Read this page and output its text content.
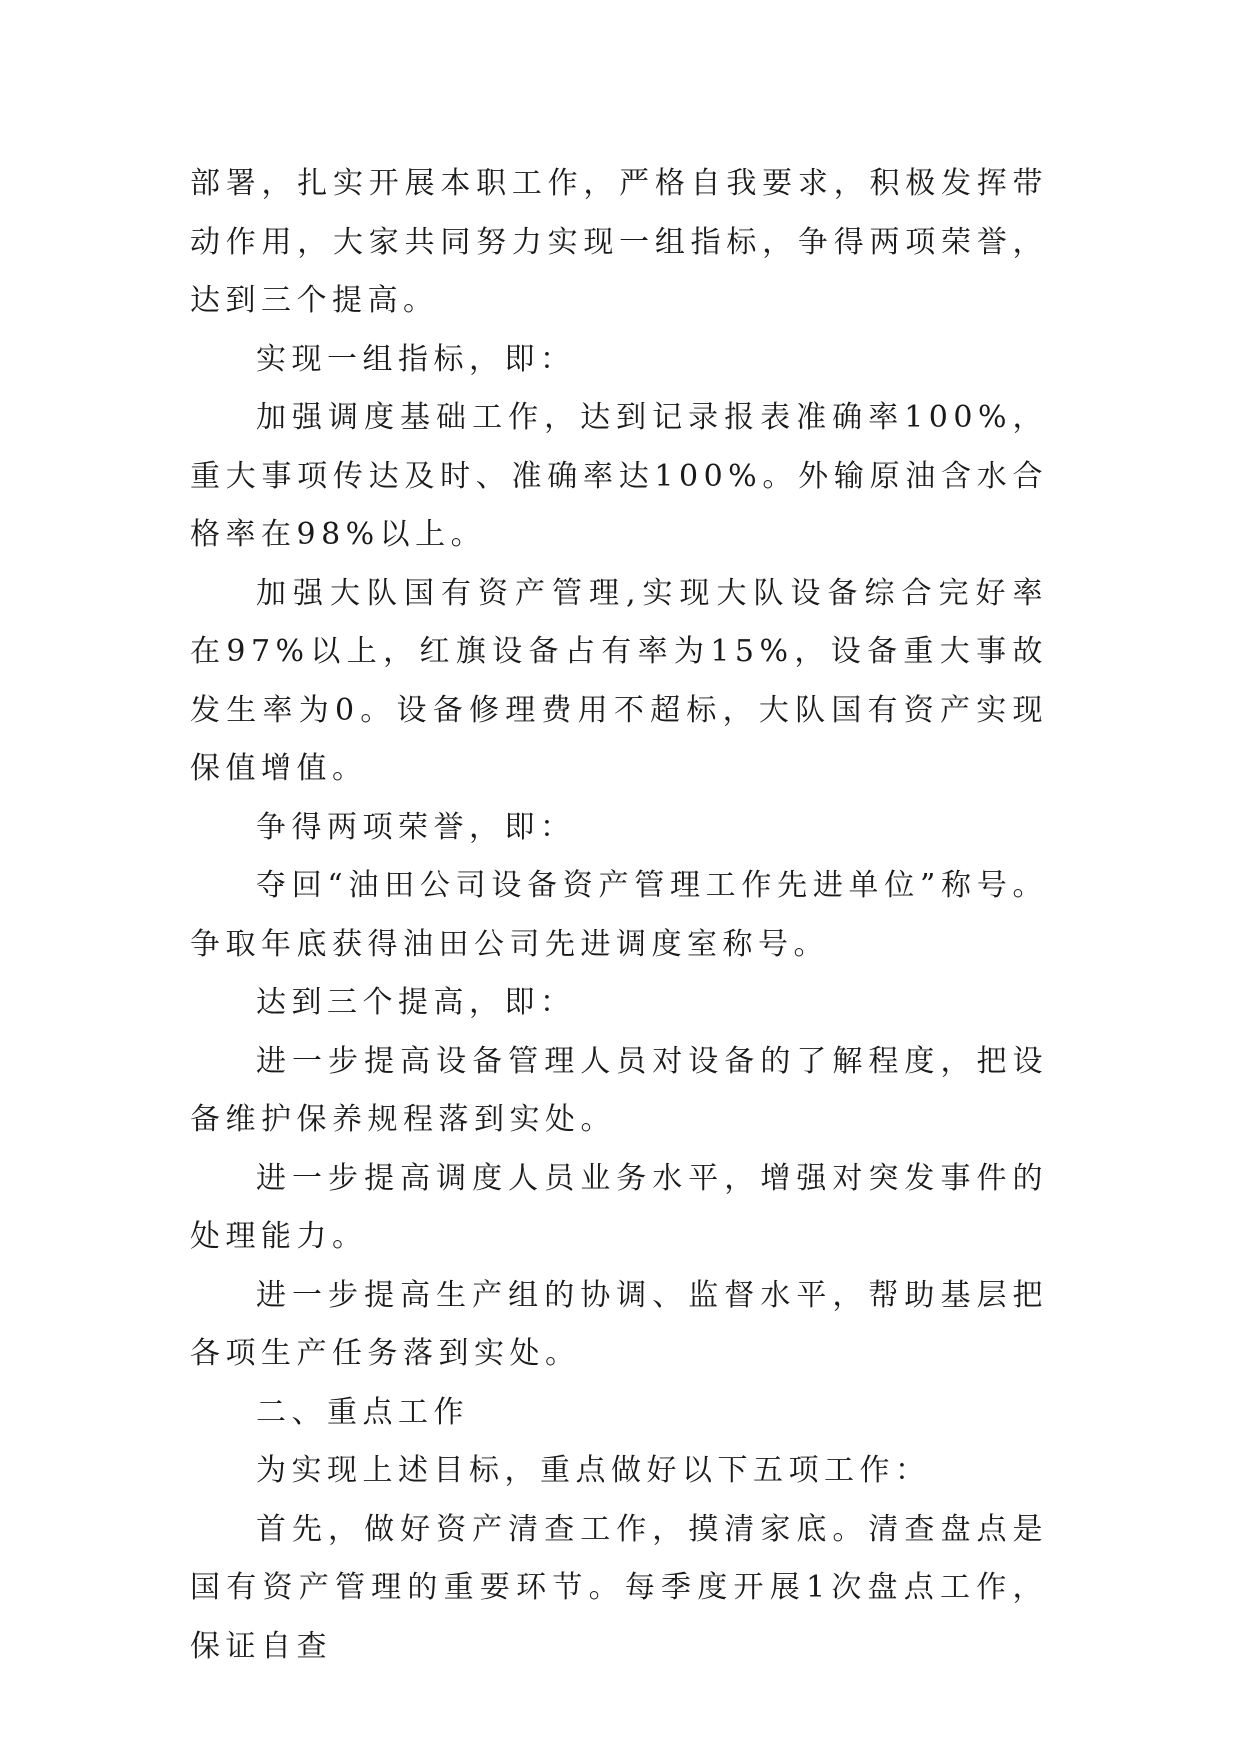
部署，扎实开展本职工作，严格自我要求，积极发挥带动作用，大家共同努力实现一组指标，争得两项荣誉，达到三个提高。

实现一组指标，即：

加强调度基础工作，达到记录报表准确率100%，重大事项传达及时、准确率达100%。外输原油含水合格率在98%以上。

加强大队国有资产管理,实现大队设备综合完好率在97%以上，红旗设备占有率为15%，设备重大事故发生率为0。设备修理费用不超标，大队国有资产实现保值增值。

争得两项荣誉，即：

夺回“油田公司设备资产管理工作先进单位”称号。争取年底获得油田公司先进调度室称号。

达到三个提高，即：

进一步提高设备管理人员对设备的了解程度，把设备维护保养规程落到实处。

进一步提高调度人员业务水平，增强对突发事件的处理能力。

进一步提高生产组的协调、监督水平，帮助基层把各项生产任务落到实处。

二、重点工作

为实现上述目标，重点做好以下五项工作：

首先，做好资产清查工作，摸清家底。清查盘点是国有资产管理的重要环节。每季度开展1次盘点工作，保证自查
